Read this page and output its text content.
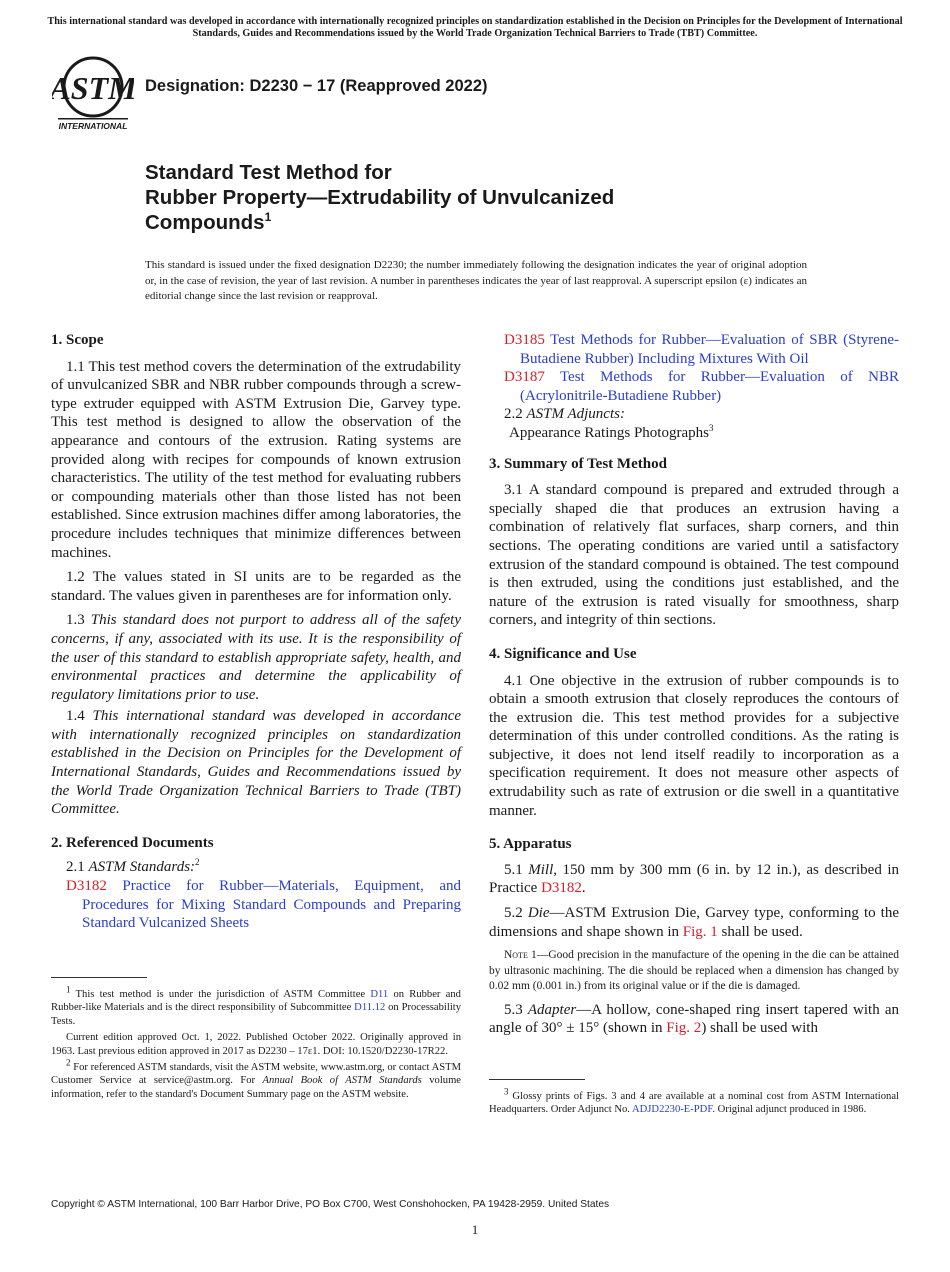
This international standard was developed in accordance with internationally recognized principles on standardization established in the Decision on Principles for the Development of International Standards, Guides and Recommendations issued by the World Trade Organization Technical Barriers to Trade (TBT) Committee.
ASTM
INTERNATIONAL
Designation: D2230 − 17 (Reapproved 2022)
Standard Test Method for
Rubber Property—Extrudability of Unvulcanized
Compounds$^1$
This standard is issued under the fixed designation D2230; the number immediately following the designation indicates the year of original adoption or, in the case of revision, the year of last revision. A number in parentheses indicates the year of last reapproval. A superscript epsilon (ε) indicates an editorial change since the last revision or reapproval.
1. Scope

1.1 This test method covers the determination of the extrudability of unvulcanized SBR and NBR rubber compounds through a screw-type extruder equipped with ASTM Extrusion Die, Garvey type. This test method is designed to allow the observation of the appearance and contours of the extrusion. Rating systems are provided along with recipes for compounds of known extrusion characteristics. The utility of the test method for evaluating rubbers or compounding materials other than those listed has not been established. Since extrusion machines differ among laboratories, the procedure includes techniques that minimize differences between machines.

1.2 The values stated in SI units are to be regarded as the standard. The values given in parentheses are for information only.

1.3 This standard does not purport to address all of the safety concerns, if any, associated with its use. It is the responsibility of the user of this standard to establish appropriate safety, health, and environmental practices and determine the applicability of regulatory limitations prior to use.

1.4 This international standard was developed in accordance with internationally recognized principles on standardization established in the Decision on Principles for the Development of International Standards, Guides and Recommendations issued by the World Trade Organization Technical Barriers to Trade (TBT) Committee.

2. Referenced Documents

2.1 ASTM Standards:$^2$

D3182 Practice for Rubber—Materials, Equipment, and Procedures for Mixing Standard Compounds and Preparing Standard Vulcanized Sheets

$^1$ This test method is under the jurisdiction of ASTM Committee D11 on Rubber and Rubber-like Materials and is the direct responsibility of Subcommittee D11.12 on Processability Tests.

Current edition approved Oct. 1, 2022. Published October 2022. Originally approved in 1963. Last previous edition approved in 2017 as D2230 – 17ε1. DOI: 10.1520/D2230-17R22.

$^2$ For referenced ASTM standards, visit the ASTM website, www.astm.org, or contact ASTM Customer Service at service@astm.org. For Annual Book of ASTM Standards volume information, refer to the standard's Document Summary page on the ASTM website.

D3185 Test Methods for Rubber—Evaluation of SBR (Styrene-Butadiene Rubber) Including Mixtures With Oil

D3187 Test Methods for Rubber—Evaluation of NBR (Acrylonitrile-Butadiene Rubber)

2.2 ASTM Adjuncts:

Appearance Ratings Photographs$^3$

3. Summary of Test Method

3.1 A standard compound is prepared and extruded through a specially shaped die that produces an extrusion having a combination of relatively flat surfaces, sharp corners, and thin sections. The operating conditions are varied until a satisfactory extrusion of the standard compound is obtained. The test compound is then extruded, using the conditions just established, and the nature of the extrusion is rated visually for smoothness, sharp corners, and integrity of thin sections.

4. Significance and Use

4.1 One objective in the extrusion of rubber compounds is to obtain a smooth extrusion that closely reproduces the contours of the extrusion die. This test method provides for a subjective determination of this under controlled conditions. As the rating is subjective, it does not lend itself readily to incorporation as a specification requirement. It does not measure other aspects of extrudability such as rate of extrusion or die swell in a quantitative manner.

5. Apparatus

5.1 Mill, 150 mm by 300 mm (6 in. by 12 in.), as described in Practice D3182.

5.2 Die—ASTM Extrusion Die, Garvey type, conforming to the dimensions and shape shown in Fig. 1 shall be used.

Note 1—Good precision in the manufacture of the opening in the die can be attained by ultrasonic machining. The die should be replaced when a dimension has changed by 0.02 mm (0.001 in.) from its original value or if the die is damaged.

5.3 Adapter—A hollow, cone-shaped ring insert tapered with an angle of 30° ± 15° (shown in Fig. 2) shall be used with

$^3$ Glossy prints of Figs. 3 and 4 are available at a nominal cost from ASTM International Headquarters. Order Adjunct No. ADJD2230-E-PDF. Original adjunct produced in 1986.

Copyright © ASTM International, 100 Barr Harbor Drive, PO Box C700, West Conshohocken, PA 19428-2959. United States
1
